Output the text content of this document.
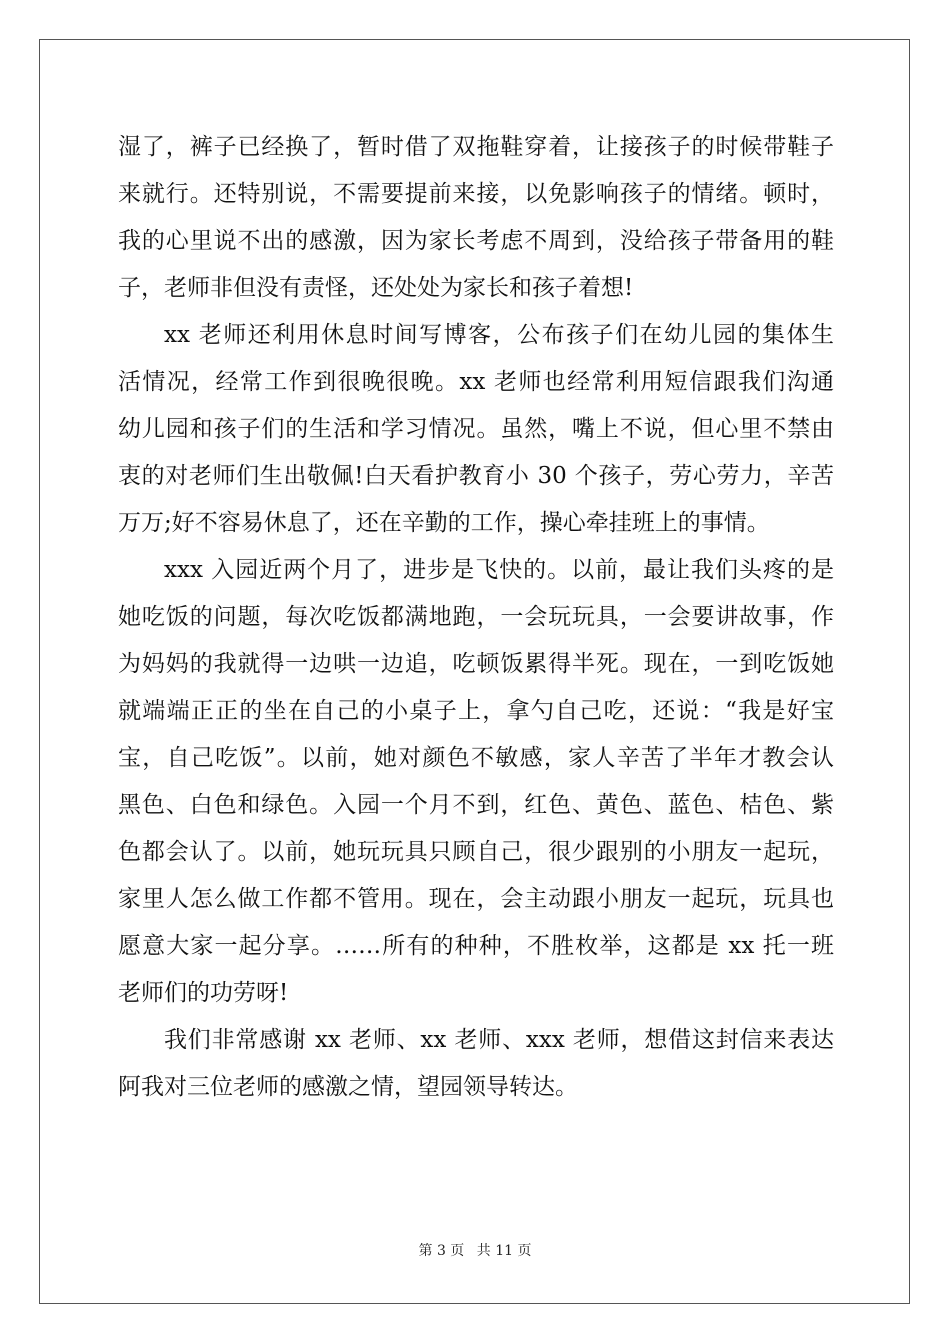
湿了，裤子已经换了，暂时借了双拖鞋穿着，让接孩子的时候带鞋子
来就行。还特别说，不需要提前来接，以免影响孩子的情绪。顿时，
我的心里说不出的感激，因为家长考虑不周到，没给孩子带备用的鞋
子，老师非但没有责怪，还处处为家长和孩子着想!
xx 老师还利用休息时间写博客，公布孩子们在幼儿园的集体生
活情况，经常工作到很晚很晚。xx 老师也经常利用短信跟我们沟通
幼儿园和孩子们的生活和学习情况。虽然，嘴上不说，但心里不禁由
衷的对老师们生出敬佩!白天看护教育小 30 个孩子，劳心劳力，辛苦
万万;好不容易休息了，还在辛勤的工作，操心牵挂班上的事情。
xxx 入园近两个月了，进步是飞快的。以前，最让我们头疼的是
她吃饭的问题，每次吃饭都满地跑，一会玩玩具，一会要讲故事，作
为妈妈的我就得一边哄一边追，吃顿饭累得半死。现在，一到吃饭她
就端端正正的坐在自己的小桌子上，拿勺自己吃，还说：“我是好宝
宝，自己吃饭”。以前，她对颜色不敏感，家人辛苦了半年才教会认
黑色、白色和绿色。入园一个月不到，红色、黄色、蓝色、桔色、紫
色都会认了。以前，她玩玩具只顾自己，很少跟别的小朋友一起玩，
家里人怎么做工作都不管用。现在，会主动跟小朋友一起玩，玩具也
愿意大家一起分享。……所有的种种，不胜枚举，这都是 xx 托一班
老师们的功劳呀!
我们非常感谢 xx 老师、xx 老师、xxx 老师，想借这封信来表达
阿我对三位老师的感激之情，望园领导转达。
第 3 页 共 11 页
